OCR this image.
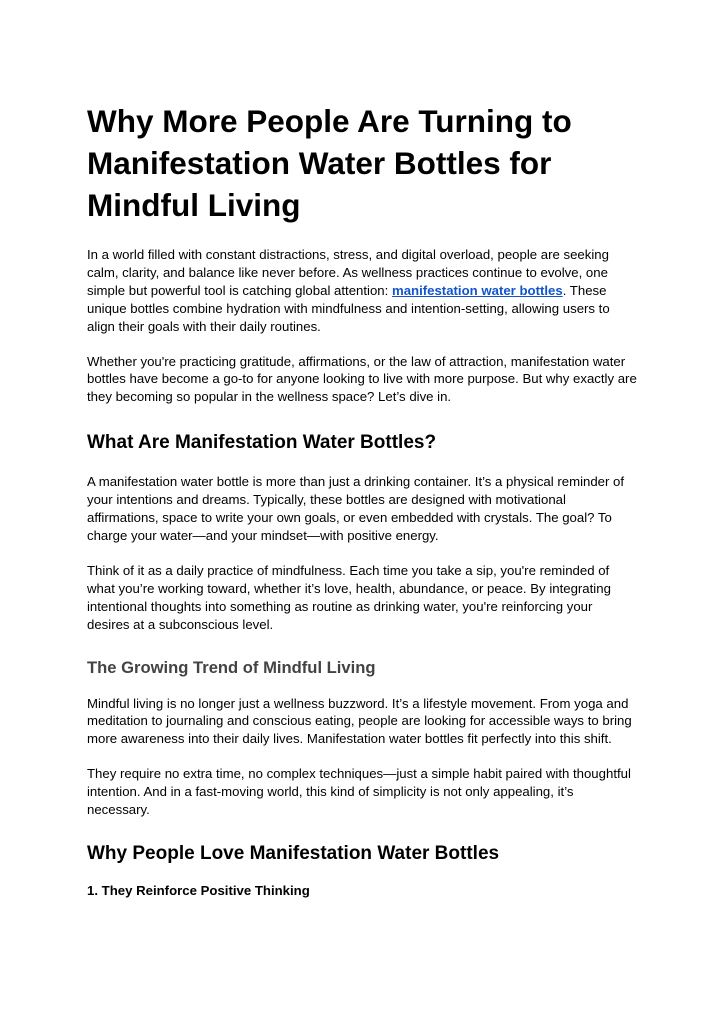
Why More People Are Turning to Manifestation Water Bottles for Mindful Living

In a world filled with constant distractions, stress, and digital overload, people are seeking calm, clarity, and balance like never before. As wellness practices continue to evolve, one simple but powerful tool is catching global attention: manifestation water bottles. These unique bottles combine hydration with mindfulness and intention-setting, allowing users to align their goals with their daily routines.

Whether you're practicing gratitude, affirmations, or the law of attraction, manifestation water bottles have become a go-to for anyone looking to live with more purpose. But why exactly are they becoming so popular in the wellness space? Let’s dive in.

What Are Manifestation Water Bottles?

A manifestation water bottle is more than just a drinking container. It’s a physical reminder of your intentions and dreams. Typically, these bottles are designed with motivational affirmations, space to write your own goals, or even embedded with crystals. The goal? To charge your water—and your mindset—with positive energy.

Think of it as a daily practice of mindfulness. Each time you take a sip, you're reminded of what you’re working toward, whether it’s love, health, abundance, or peace. By integrating intentional thoughts into something as routine as drinking water, you're reinforcing your desires at a subconscious level.

The Growing Trend of Mindful Living

Mindful living is no longer just a wellness buzzword. It’s a lifestyle movement. From yoga and meditation to journaling and conscious eating, people are looking for accessible ways to bring more awareness into their daily lives. Manifestation water bottles fit perfectly into this shift.

They require no extra time, no complex techniques—just a simple habit paired with thoughtful intention. And in a fast-moving world, this kind of simplicity is not only appealing, it’s necessary.

Why People Love Manifestation Water Bottles
1. They Reinforce Positive Thinking
